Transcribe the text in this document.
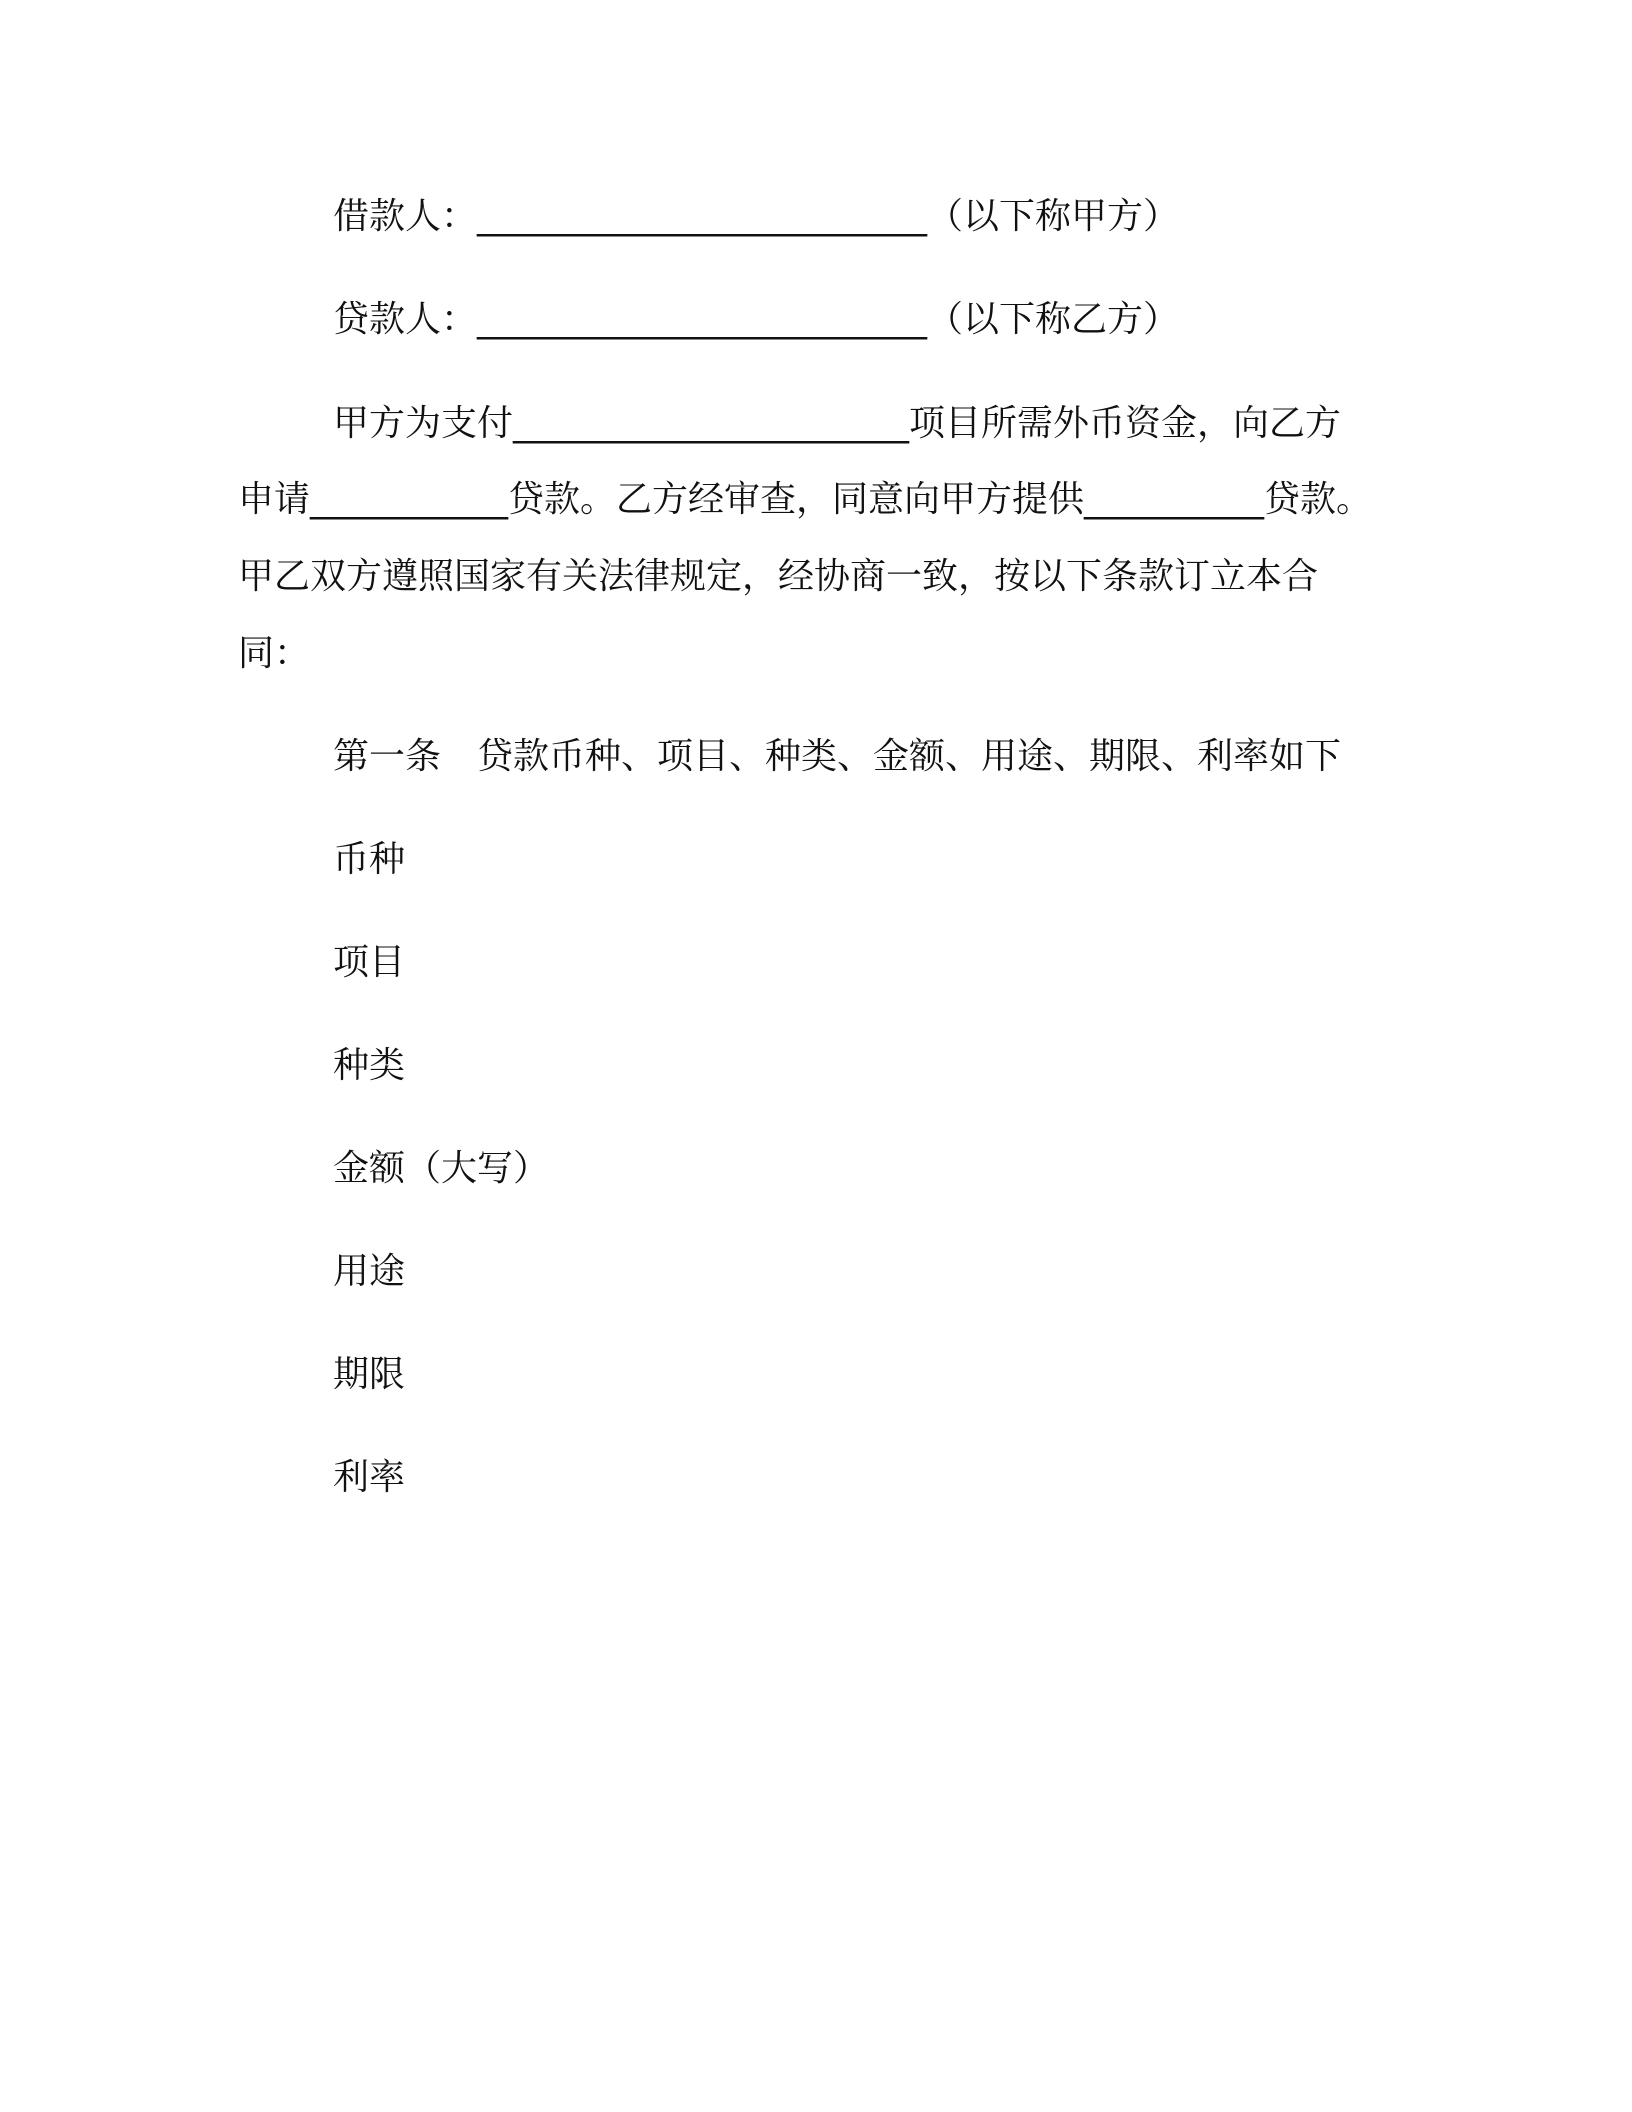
借款人：_________________________（以下称甲方）
贷款人：_________________________（以下称乙方）
甲方为支付______________________项目所需外币资金，向乙方
申请___________贷款。乙方经审查，同意向甲方提供__________贷款。
甲乙双方遵照国家有关法律规定，经协商一致，按以下条款订立本合
同：
第一条　贷款币种、项目、种类、金额、用途、期限、利率如下
币种
项目
种类
金额（大写）
用途
期限
利率
